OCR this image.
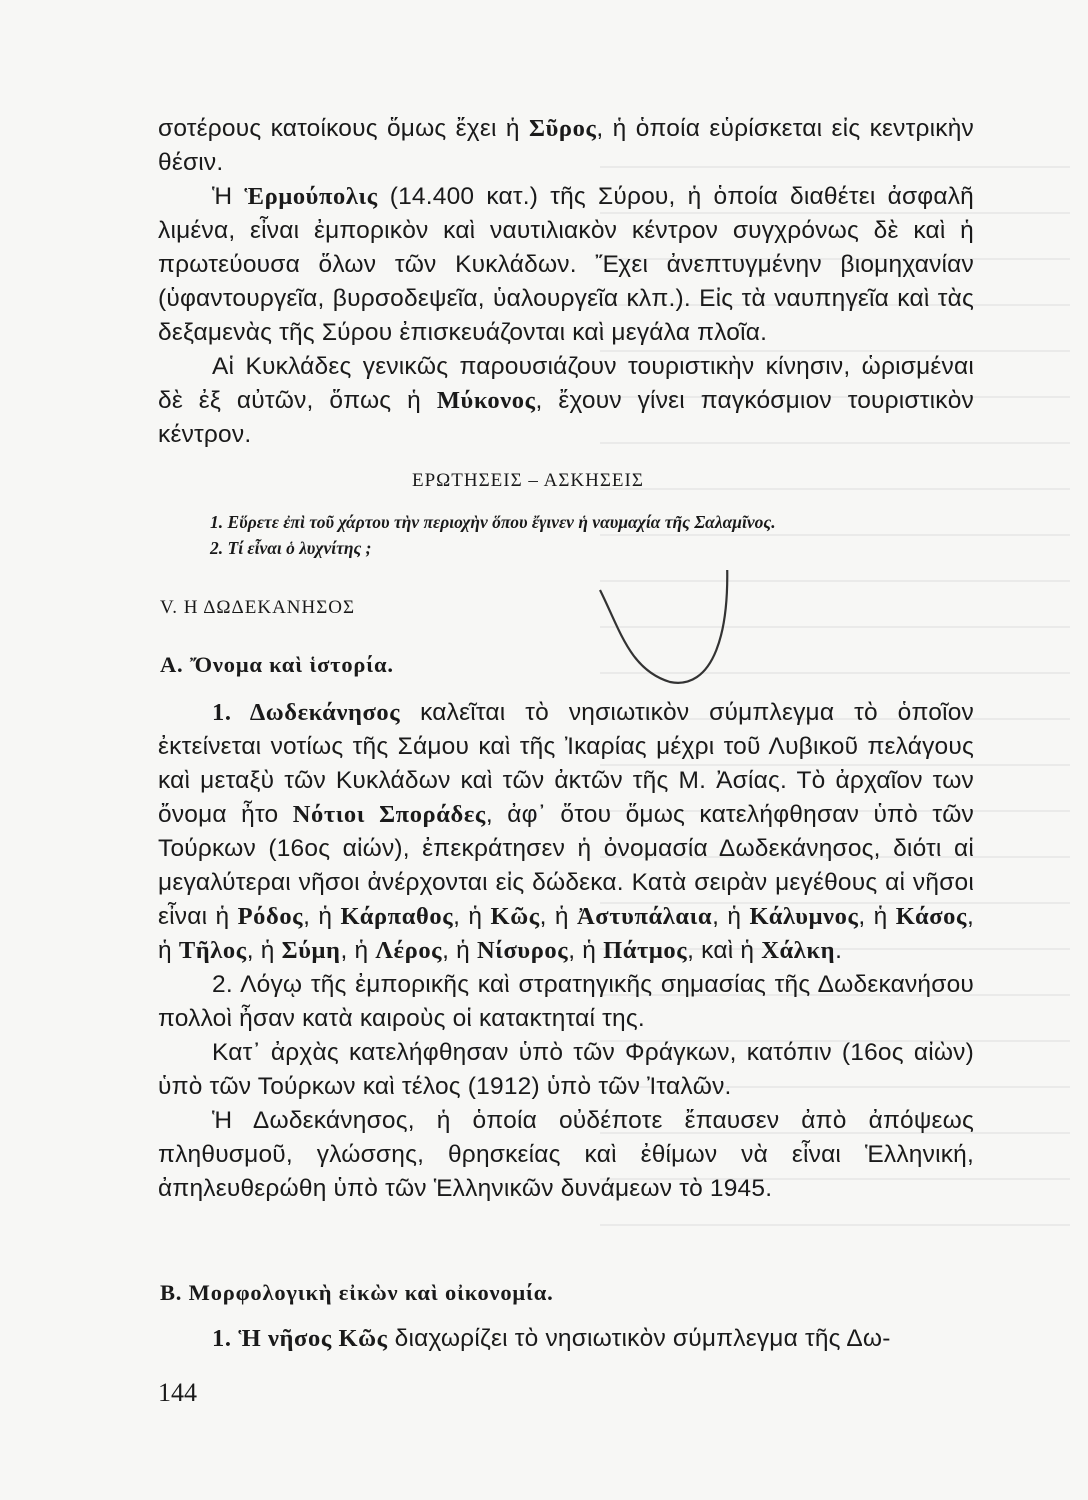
σοτέρους κατοίκους ὅμως ἔχει ἡ Σῦρος, ἡ ὁποία εὑρίσκεται εἰς κεντρικὴν θέσιν.

Ἡ Ἑρμούπολις (14.400 κατ.) τῆς Σύρου, ἡ ὁποία διαθέτει ἀσφαλῆ λιμένα, εἶναι ἐμπορικὸν καὶ ναυτιλιακὸν κέντρον συγχρόνως δὲ καὶ ἡ πρωτεύουσα ὅλων τῶν Κυκλάδων. Ἔχει ἀνεπτυγμένην βιομηχανίαν (ὑφαντουργεῖα, βυρσοδεψεῖα, ὑαλουργεῖα κλπ.). Εἰς τὰ ναυπηγεῖα καὶ τὰς δεξαμενὰς τῆς Σύρου ἐπισκευάζονται καὶ μεγάλα πλοῖα.

Αἱ Κυκλάδες γενικῶς παρουσιάζουν τουριστικὴν κίνησιν, ὡρισμέναι δὲ ἐξ αὐτῶν, ὅπως ἡ Μύκονος, ἔχουν γίνει παγκόσμιον τουριστικὸν κέντρον.

ΕΡΩΤΗΣΕΙΣ – ΑΣΚΗΣΕΙΣ
1. Εὕρετε ἐπὶ τοῦ χάρτου τὴν περιοχὴν ὅπου ἔγινεν ἡ ναυμαχία τῆς Σαλαμῖνος.
2. Τί εἶναι ὁ λυχνίτης ;
V. Η ΔΩΔΕΚΑΝΗΣΟΣ
Α. Ὄνομα καὶ ἱστορία.

1. Δωδεκάνησος καλεῖται τὸ νησιωτικὸν σύμπλεγμα τὸ ὁποῖον ἐκτείνεται νοτίως τῆς Σάμου καὶ τῆς Ἰκαρίας μέχρι τοῦ Λυβικοῦ πελάγους καὶ μεταξὺ τῶν Κυκλάδων καὶ τῶν ἀκτῶν τῆς Μ. Ἀσίας. Τὸ ἀρχαῖον των ὄνομα ἦτο Νότιοι Σποράδες, ἀφ᾽ ὅτου ὅμως κατελήφθησαν ὑπὸ τῶν Τούρκων (16ος αἰών), ἐπεκράτησεν ἡ ὀνομασία Δωδεκάνησος, διότι αἱ μεγαλύτεραι νῆσοι ἀνέρχονται εἰς δώδεκα. Κατὰ σειρὰν μεγέθους αἱ νῆσοι εἶναι ἡ Ρόδος, ἡ Κάρπαθος, ἡ Κῶς, ἡ Ἀστυπάλαια, ἡ Κάλυμνος, ἡ Κάσος, ἡ Τῆλος, ἡ Σύμη, ἡ Λέρος, ἡ Νίσυρος, ἡ Πάτμος, καὶ ἡ Χάλκη.

2. Λόγῳ τῆς ἐμπορικῆς καὶ στρατηγικῆς σημασίας τῆς Δωδεκανήσου πολλοὶ ἦσαν κατὰ καιροὺς οἱ κατακτηταί της.

Κατ᾽ ἀρχὰς κατελήφθησαν ὑπὸ τῶν Φράγκων, κατόπιν (16ος αἰὼν) ὑπὸ τῶν Τούρκων καὶ τέλος (1912) ὑπὸ τῶν Ἰταλῶν.

Ἡ Δωδεκάνησος, ἡ ὁποία οὐδέποτε ἔπαυσεν ἀπὸ ἀπόψεως πληθυσμοῦ, γλώσσης, θρησκείας καὶ ἐθίμων νὰ εἶναι Ἑλληνική, ἀπηλευθερώθη ὑπὸ τῶν Ἑλληνικῶν δυνάμεων τὸ 1945.

Β. Μορφολογικὴ εἰκὼν καὶ οἰκονομία.

1. Ἡ νῆσος Κῶς διαχωρίζει τὸ νησιωτικὸν σύμπλεγμα τῆς Δω-

144
